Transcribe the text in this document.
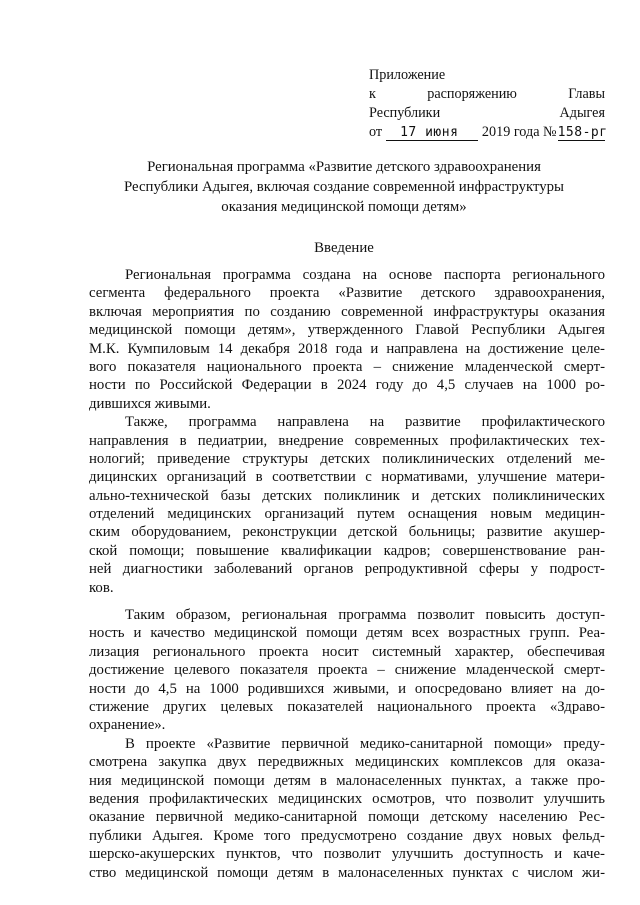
Приложение
к	распоряжению	Главы
Республики	Адыгея
от	17 июня	2019 года № 158-рг
Региональная программа «Развитие детского здравоохранения
Республики Адыгея, включая создание современной инфраструктуры
оказания медицинской помощи детям»
Введение
Региональная программа создана на основе паспорта регионального
сегмента федерального проекта «Развитие детского здравоохранения,
включая мероприятия по созданию современной инфраструктуры оказания
медицинской помощи детям», утвержденного Главой Республики Адыгея
М.К. Кумпиловым 14 декабря 2018 года и направлена на достижение целе-
вого показателя национального проекта – снижение младенческой смерт-
ности по Российской Федерации в 2024 году до 4,5 случаев на 1000 ро-
дившихся живыми.
Также, программа направлена на развитие профилактического
направления в педиатрии, внедрение современных профилактических тех-
нологий; приведение структуры детских поликлинических отделений ме-
дицинских организаций в соответствии с нормативами, улучшение матери-
ально-технической базы детских поликлиник и детских поликлинических
отделений медицинских организаций путем оснащения новым медицин-
ским оборудованием, реконструкции детской больницы; развитие акушер-
ской помощи; повышение квалификации кадров; совершенствование ран-
ней диагностики заболеваний органов репродуктивной сферы у подрост-
ков.
Таким образом, региональная программа позволит повысить доступ-
ность и качество медицинской помощи детям всех возрастных групп. Реа-
лизация регионального проекта носит системный характер, обеспечивая
достижение целевого показателя проекта – снижение младенческой смерт-
ности до 4,5 на 1000 родившихся живыми, и опосредовано влияет на до-
стижение других целевых показателей национального проекта «Здраво-
охранение».
В проекте «Развитие первичной медико-санитарной помощи» преду-
смотрена закупка двух передвижных медицинских комплексов для оказа-
ния медицинской помощи детям в малонаселенных пунктах, а также про-
ведения профилактических медицинских осмотров, что позволит улучшить
оказание первичной медико-санитарной помощи детскому населению Рес-
публики Адыгея. Кроме того предусмотрено создание двух новых фельд-
шерско-акушерских пунктов, что позволит улучшить доступность и каче-
ство медицинской помощи детям в малонаселенных пунктах с числом жи-
